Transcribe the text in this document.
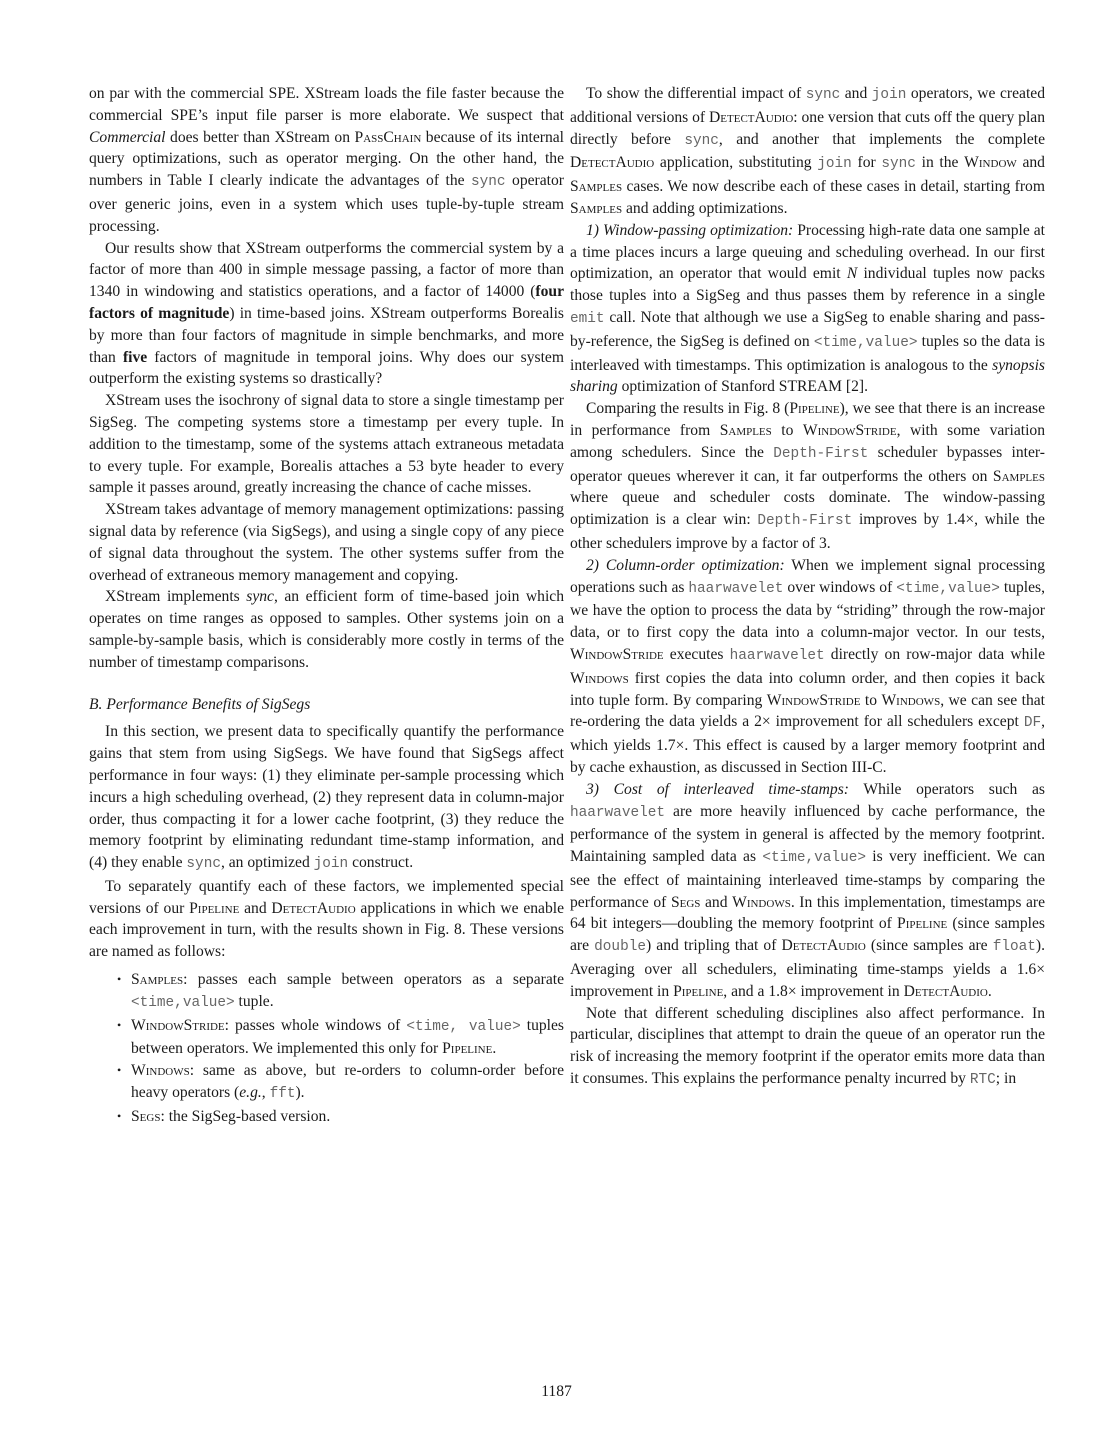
on par with the commercial SPE. XStream loads the file faster because the commercial SPE’s input file parser is more elaborate. We suspect that Commercial does better than XStream on PassChain because of its internal query optimizations, such as operator merging. On the other hand, the numbers in Table I clearly indicate the advantages of the sync operator over generic joins, even in a system which uses tuple-by-tuple stream processing.

Our results show that XStream outperforms the commercial system by a factor of more than 400 in simple message passing, a factor of more than 1340 in windowing and statistics operations, and a factor of 14000 (four factors of magnitude) in time-based joins. XStream outperforms Borealis by more than four factors of magnitude in simple benchmarks, and more than five factors of magnitude in temporal joins. Why does our system outperform the existing systems so drastically?

XStream uses the isochrony of signal data to store a single timestamp per SigSeg. The competing systems store a timestamp per every tuple. In addition to the timestamp, some of the systems attach extraneous metadata to every tuple. For example, Borealis attaches a 53 byte header to every sample it passes around, greatly increasing the chance of cache misses.

XStream takes advantage of memory management optimizations: passing signal data by reference (via SigSegs), and using a single copy of any piece of signal data throughout the system. The other systems suffer from the overhead of extraneous memory management and copying.

XStream implements sync, an efficient form of time-based join which operates on time ranges as opposed to samples. Other systems join on a sample-by-sample basis, which is considerably more costly in terms of the number of timestamp comparisons.

B. Performance Benefits of SigSegs

In this section, we present data to specifically quantify the performance gains that stem from using SigSegs. We have found that SigSegs affect performance in four ways: (1) they eliminate per-sample processing which incurs a high scheduling overhead, (2) they represent data in column-major order, thus compacting it for a lower cache footprint, (3) they reduce the memory footprint by eliminating redundant time-stamp information, and (4) they enable sync, an optimized join construct.

To separately quantify each of these factors, we implemented special versions of our Pipeline and DetectAudio applications in which we enable each improvement in turn, with the results shown in Fig. 8. These versions are named as follows:

• Samples: passes each sample between operators as a separate <time,value> tuple.
• WindowStride: passes whole windows of <time, value> tuples between operators. We implemented this only for Pipeline.
• Windows: same as above, but re-orders to column-order before heavy operators (e.g., fft).
• Segs: the SigSeg-based version.

To show the differential impact of sync and join operators, we created additional versions of DetectAudio: one version that cuts off the query plan directly before sync, and another that implements the complete DetectAudio application, substituting join for sync in the Window and Samples cases. We now describe each of these cases in detail, starting from Samples and adding optimizations.

1) Window-passing optimization: Processing high-rate data one sample at a time places incurs a large queuing and scheduling overhead. In our first optimization, an operator that would emit N individual tuples now packs those tuples into a SigSeg and thus passes them by reference in a single emit call. Note that although we use a SigSeg to enable sharing and pass-by-reference, the SigSeg is defined on <time,value> tuples so the data is interleaved with timestamps. This optimization is analogous to the synopsis sharing optimization of Stanford STREAM [2].

Comparing the results in Fig. 8 (Pipeline), we see that there is an increase in performance from Samples to WindowStride, with some variation among schedulers. Since the Depth-First scheduler bypasses inter-operator queues wherever it can, it far outperforms the others on Samples where queue and scheduler costs dominate. The window-passing optimization is a clear win: Depth-First improves by 1.4×, while the other schedulers improve by a factor of 3.

2) Column-order optimization: When we implement signal processing operations such as haarwavelet over windows of <time,value> tuples, we have the option to process the data by “striding” through the row-major data, or to first copy the data into a column-major vector. In our tests, WindowStride executes haarwavelet directly on row-major data while Windows first copies the data into column order, and then copies it back into tuple form. By comparing WindowStride to Windows, we can see that re-ordering the data yields a 2× improvement for all schedulers except DF, which yields 1.7×. This effect is caused by a larger memory footprint and by cache exhaustion, as discussed in Section III-C.

3) Cost of interleaved time-stamps: While operators such as haarwavelet are more heavily influenced by cache performance, the performance of the system in general is affected by the memory footprint. Maintaining sampled data as <time,value> is very inefficient. We can see the effect of maintaining interleaved time-stamps by comparing the performance of Segs and Windows. In this implementation, timestamps are 64 bit integers—doubling the memory footprint of Pipeline (since samples are double) and tripling that of DetectAudio (since samples are float). Averaging over all schedulers, eliminating time-stamps yields a 1.6× improvement in Pipeline, and a 1.8× improvement in DetectAudio.

Note that different scheduling disciplines also affect performance. In particular, disciplines that attempt to drain the queue of an operator run the risk of increasing the memory footprint if the operator emits more data than it consumes. This explains the performance penalty incurred by RTC; in

1187
